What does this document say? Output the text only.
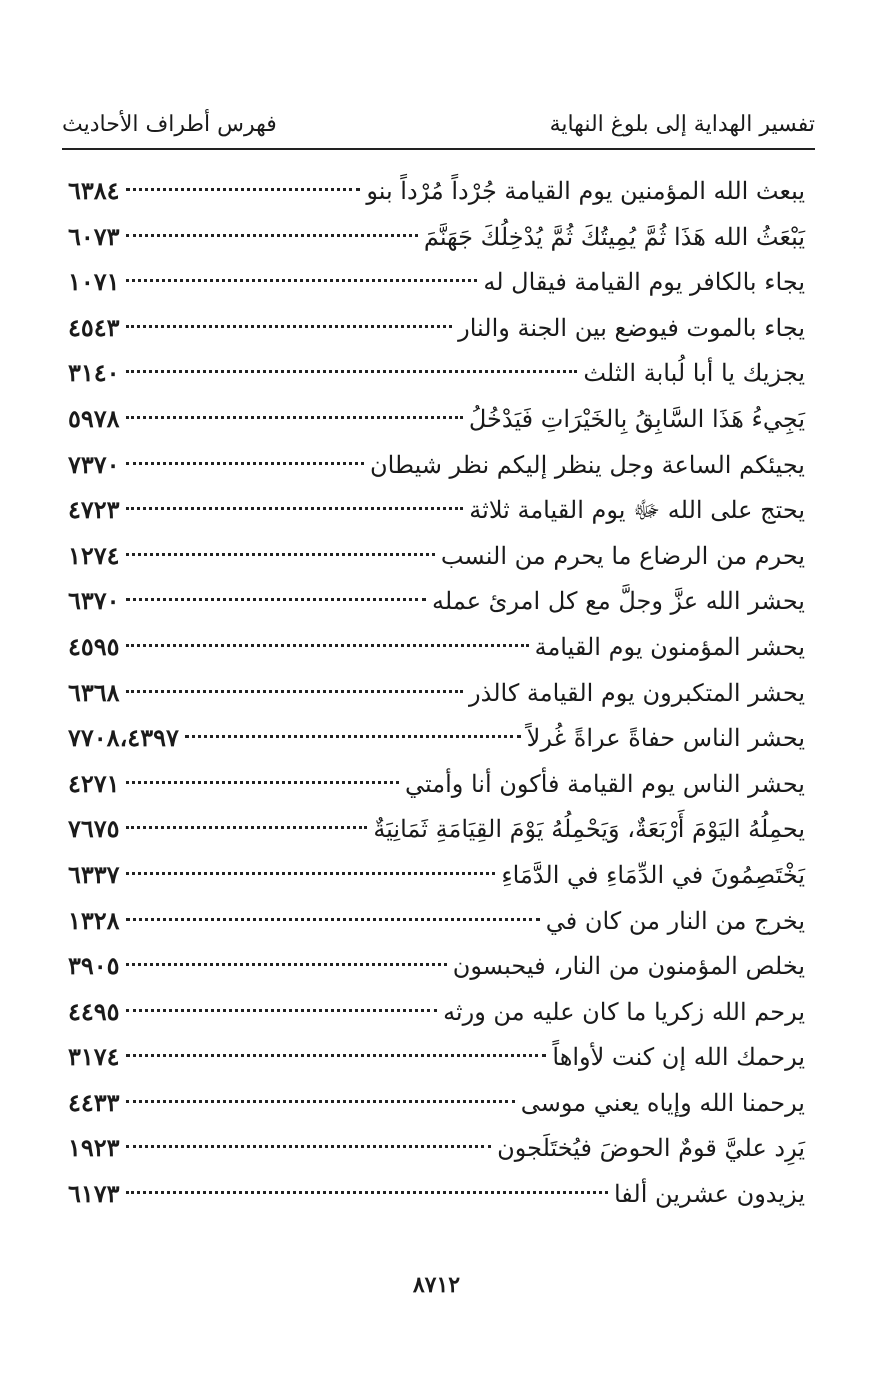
تفسير الهداية إلى بلوغ النهاية
فهرس أطراف الأحاديث
يبعث الله المؤمنين يوم القيامة جُرْداً مُرْداً بنو
٦٣٨٤
يَبْعَثُ الله هَذَا ثُمَّ يُمِيتُكَ ثُمَّ يُدْخِلُكَ جَهَنَّمَ
٦٠٧٣
يجاء بالكافر يوم القيامة فيقال له
١٠٧١
يجاء بالموت فيوضع بين الجنة والنار
٤٥٤٣
يجزيك يا أبا لُبابة الثلث
٣١٤٠
يَجِيءُ هَذَا السَّابِقُ بِالخَيْرَاتِ فَيَدْخُلُ
٥٩٧٨
يجيئكم الساعة وجل ينظر إليكم نظر شيطان
٧٣٧٠
يحتج على الله ﷻ يوم القيامة ثلاثة
٤٧٢٣
يحرم من الرضاع ما يحرم من النسب
١٢٧٤
يحشر الله عزَّ وجلَّ مع كل امرئ عمله
٦٣٧٠
يحشر المؤمنون يوم القيامة
٤٥٩٥
يحشر المتكبرون يوم القيامة كالذر
٦٣٦٨
يحشر الناس حفاةً عراةً غُرلاً
٧٧٠٨،٤٣٩٧
يحشر الناس يوم القيامة فأكون أنا وأمتي
٤٢٧١
يحمِلُهُ اليَوْمَ أَرْبَعَةٌ، وَيَحْمِلُهُ يَوْمَ القِيَامَةِ ثَمَانِيَةٌ
٧٦٧٥
يَخْتَصِمُونَ في الدِّمَاءِ في الدَّمَاءِ
٦٣٣٧
يخرج من النار من كان في
١٣٢٨
يخلص المؤمنون من النار، فيحبسون
٣٩٠٥
يرحم الله زكريا ما كان عليه من ورثه
٤٤٩٥
يرحمك الله إن كنت لأواهاً
٣١٧٤
يرحمنا الله وإياه يعني موسى
٤٤٣٣
يَرِد عليَّ قومٌ الحوضَ فيُختَلَجون
١٩٢٣
يزيدون عشرين ألفا
٦١٧٣
٨٧١٢
